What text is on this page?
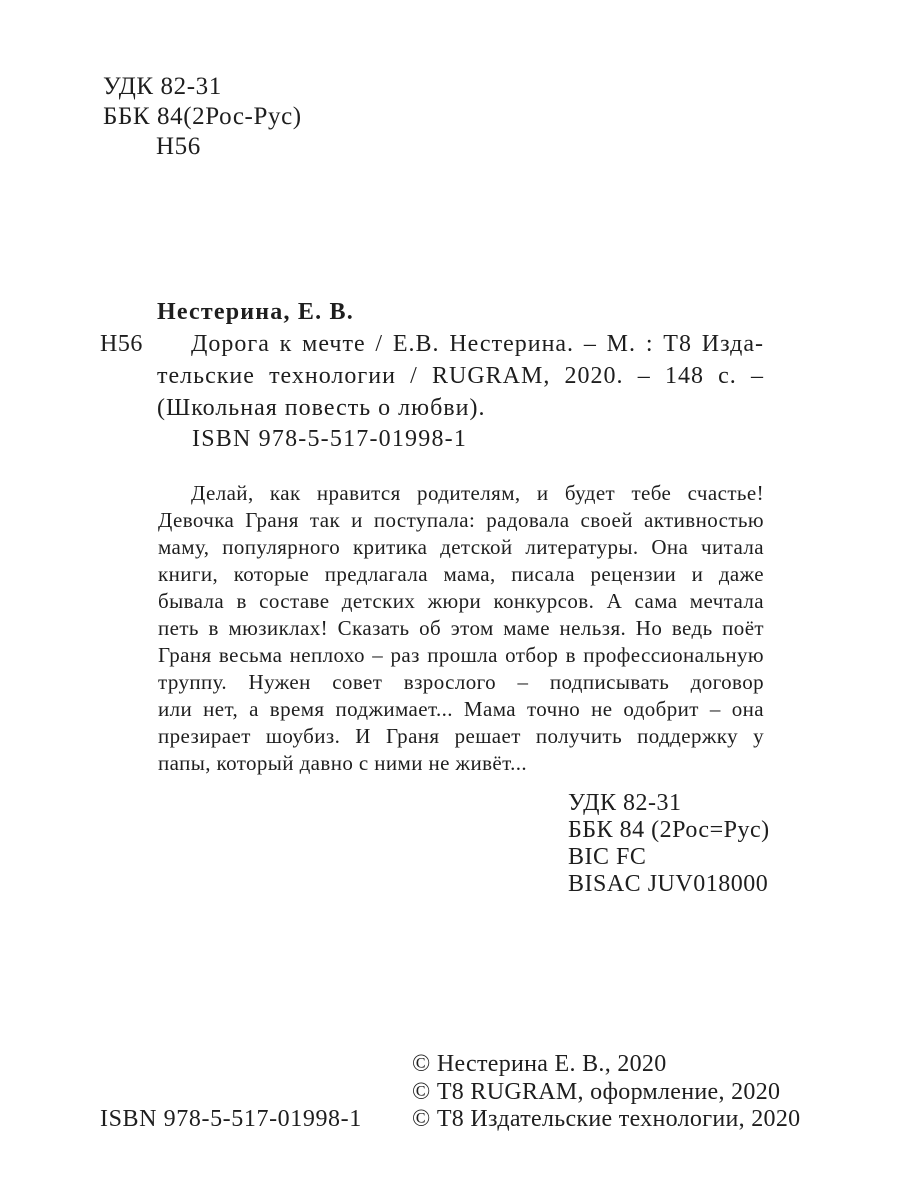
УДК 82-31
ББК 84(2Рос-Рус)
Н56
Нестерина, Е. В.
Н56	Дорога к мечте / Е.В. Нестерина. – М. : Т8 Изда-
тельские технологии / RUGRAM, 2020. – 148 с. –
(Школьная повесть о любви).
ISBN 978-5-517-01998-1
Делай, как нравится родителям, и будет тебе счастье!
Девочка Граня так и поступала: радовала своей активностью
маму, популярного критика детской литературы. Она читала
книги, которые предлагала мама, писала рецензии и даже
бывала в составе детских жюри конкурсов. А сама мечтала
петь в мюзиклах! Сказать об этом маме нельзя. Но ведь поёт
Граня весьма неплохо – раз прошла отбор в профессиональную
труппу. Нужен совет взрослого – подписывать договор
или нет, а время поджимает... Мама точно не одобрит – она
презирает шоубиз. И Граня решает получить поддержку у
папы, который давно с ними не живёт...
УДК 82-31
ББК 84 (2Рос=Рус)
BIC FC
BISAC JUV018000
ISBN 978-5-517-01998-1
© Нестерина Е. В., 2020
© Т8 RUGRAM, оформление, 2020
© Т8 Издательские технологии, 2020
